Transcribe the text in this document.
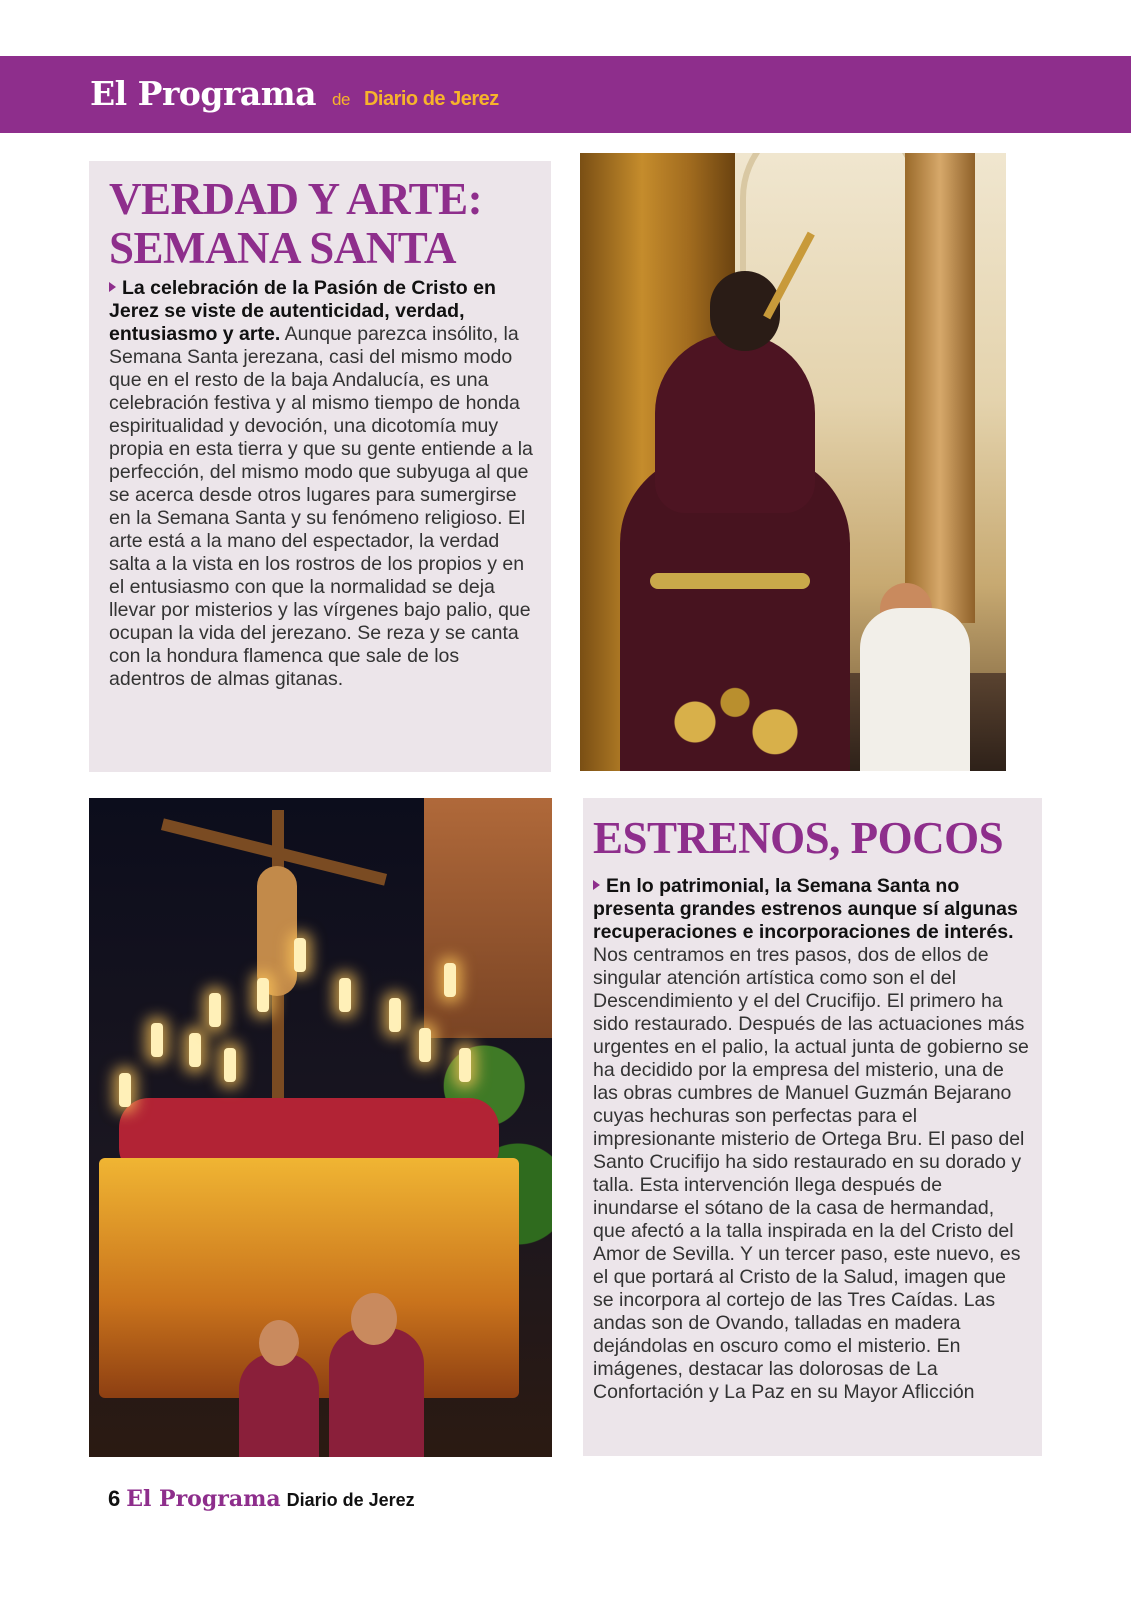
El Programa de Diario de Jerez
VERDAD Y ARTE: SEMANA SANTA

La celebración de la Pasión de Cristo en Jerez se viste de autenticidad, verdad, entusiasmo y arte. Aunque parezca insólito, la Semana Santa jerezana, casi del mismo modo que en el resto de la baja Andalucía, es una celebración festiva y al mismo tiempo de honda espiritualidad y devoción, una dicotomía muy propia en esta tierra y que su gente entiende a la perfección, del mismo modo que subyuga al que se acerca desde otros lugares para sumergirse en la Semana Santa y su fenómeno religioso. El arte está a la mano del espectador, la verdad salta a la vista en los rostros de los propios y en el entusiasmo con que la normalidad se deja llevar por misterios y las vírgenes bajo palio, que ocupan la vida del jerezano. Se reza y se canta con la hondura flamenca que sale de los adentros de almas gitanas.

ESTRENOS, POCOS

En lo patrimonial, la Semana Santa no presenta grandes estrenos aunque sí algunas recuperaciones e incorporaciones de interés. Nos centramos en tres pasos, dos de ellos de singular atención artística como son el del Descendimiento y el del Crucifijo. El primero ha sido restaurado. Después de las actuaciones más urgentes en el palio, la actual junta de gobierno se ha decidido por la empresa del misterio, una de las obras cumbres de Manuel Guzmán Bejarano cuyas hechuras son perfectas para el impresionante misterio de Ortega Bru. El paso del Santo Crucifijo ha sido restaurado en su dorado y talla. Esta intervención llega después de inundarse el sótano de la casa de hermandad, que afectó a la talla inspirada en la del Cristo del Amor de Sevilla. Y un tercer paso, este nuevo, es el que portará al Cristo de la Salud, imagen que se incorpora al cortejo de las Tres Caídas. Las andas son de Ovando, talladas en madera dejándolas en oscuro como el misterio. En imágenes, destacar las dolorosas de La Confortación y La Paz en su Mayor Aflicción

6 El Programa Diario de Jerez
